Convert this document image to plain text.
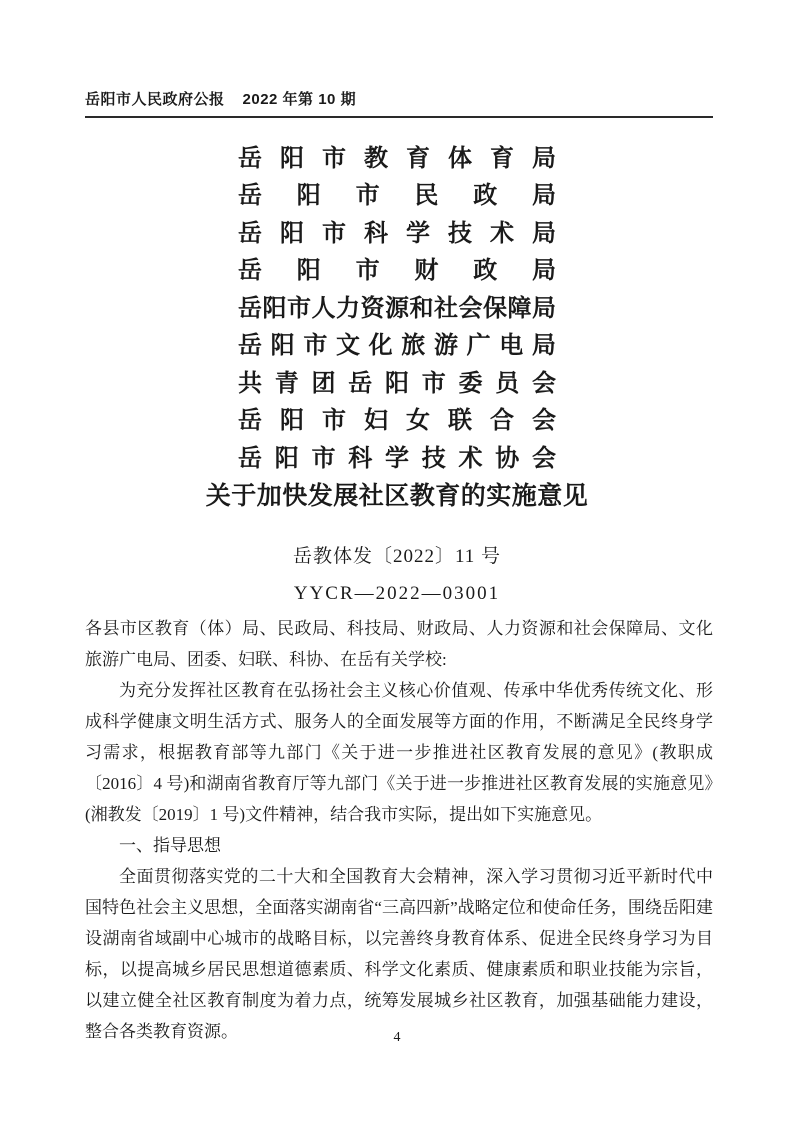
岳阳市人民政府公报 2022 年第 10 期
岳 阳 市 教 育 体 育 局
岳 阳 市 民 政 局
岳 阳 市 科 学 技 术 局
岳 阳 市 财 政 局
岳 阳 市 人 力 资 源 和 社 会 保 障 局
岳 阳 市 文 化 旅 游 广 电 局
共 青 团 岳 阳 市 委 员 会
岳 阳 市 妇 女 联 合 会
岳 阳 市 科 学 技 术 协 会
关于加快发展社区教育的实施意见
岳教体发〔2022〕11 号
YYCR—2022—03001

各县市区教育（体）局、民政局、科技局、财政局、人力资源和社会保障局、文化旅游广电局、团委、妇联、科协、在岳有关学校:

为充分发挥社区教育在弘扬社会主义核心价值观、传承中华优秀传统文化、形成科学健康文明生活方式、服务人的全面发展等方面的作用，不断满足全民终身学习需求，根据教育部等九部门《关于进一步推进社区教育发展的意见》(教职成〔2016〕4 号)和湖南省教育厅等九部门《关于进一步推进社区教育发展的实施意见》(湘教发〔2019〕1 号)文件精神，结合我市实际，提出如下实施意见。

一、指导思想

全面贯彻落实党的二十大和全国教育大会精神，深入学习贯彻习近平新时代中国特色社会主义思想，全面落实湖南省“三高四新”战略定位和使命任务，围绕岳阳建设湖南省域副中心城市的战略目标，以完善终身教育体系、促进全民终身学习为目标，以提高城乡居民思想道德素质、科学文化素质、健康素质和职业技能为宗旨，以建立健全社区教育制度为着力点，统筹发展城乡社区教育，加强基础能力建设，整合各类教育资源。	4
